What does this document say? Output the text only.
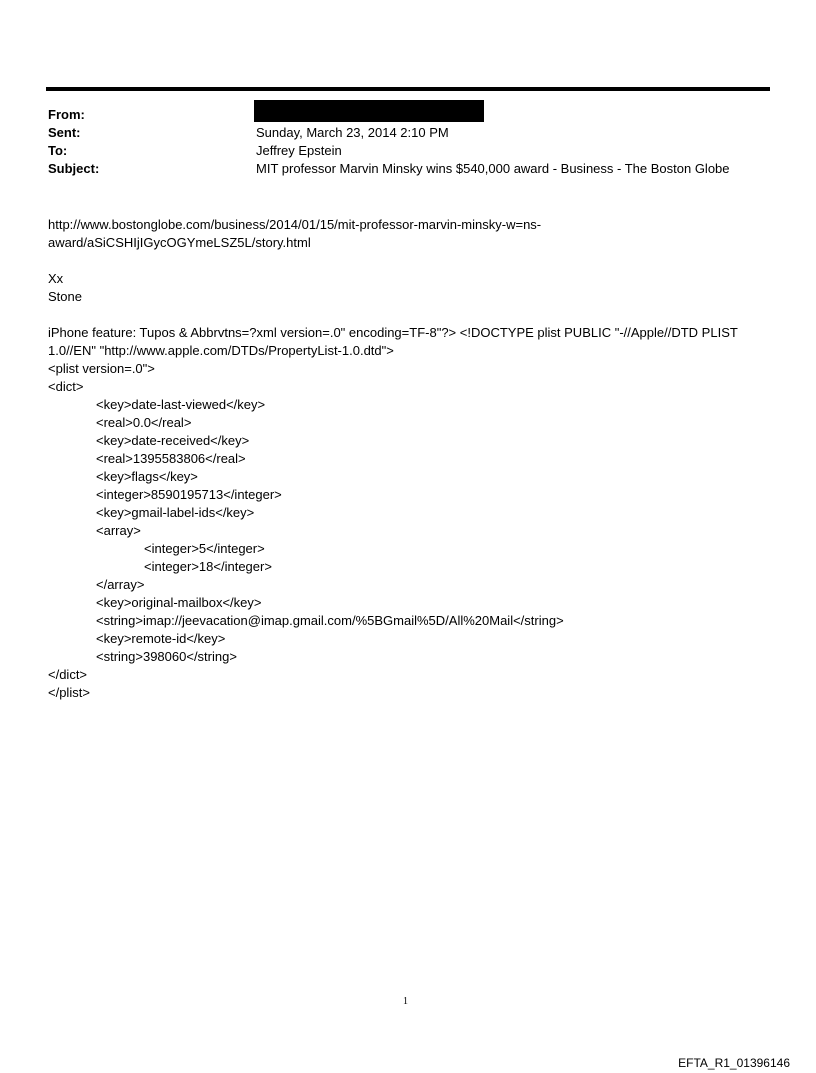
From:
Sent:	Sunday, March 23, 2014 2:10 PM
To:	Jeffrey Epstein
Subject:	MIT professor Marvin Minsky wins $540,000 award - Business - The Boston Globe
http://www.bostonglobe.com/business/2014/01/15/mit-professor-marvin-minsky-w=ns-
award/aSiCSHIjIGycOGYmeLSZ5L/story.html
Xx
Stone
iPhone feature: Tupos & Abbrvtns=?xml version=.0" encoding=TF-8"?> <!DOCTYPE plist PUBLIC "-//Apple//DTD PLIST
1.0//EN" "http://www.apple.com/DTDs/PropertyList-1.0.dtd">
<plist version=.0">
<dict>
<key>date-last-viewed</key>
<real>0.0</real>
<key>date-received</key>
<real>1395583806</real>
<key>flags</key>
<integer>8590195713</integer>
<key>gmail-label-ids</key>
<array>
<integer>5</integer>
<integer>18</integer>
</array>
<key>original-mailbox</key>
<string>imap://jeevacation@imap.gmail.com/%5BGmail%5D/All%20Mail</string>
<key>remote-id</key>
<string>398060</string>
</dict>
</plist>
1
EFTA_R1_01396146
